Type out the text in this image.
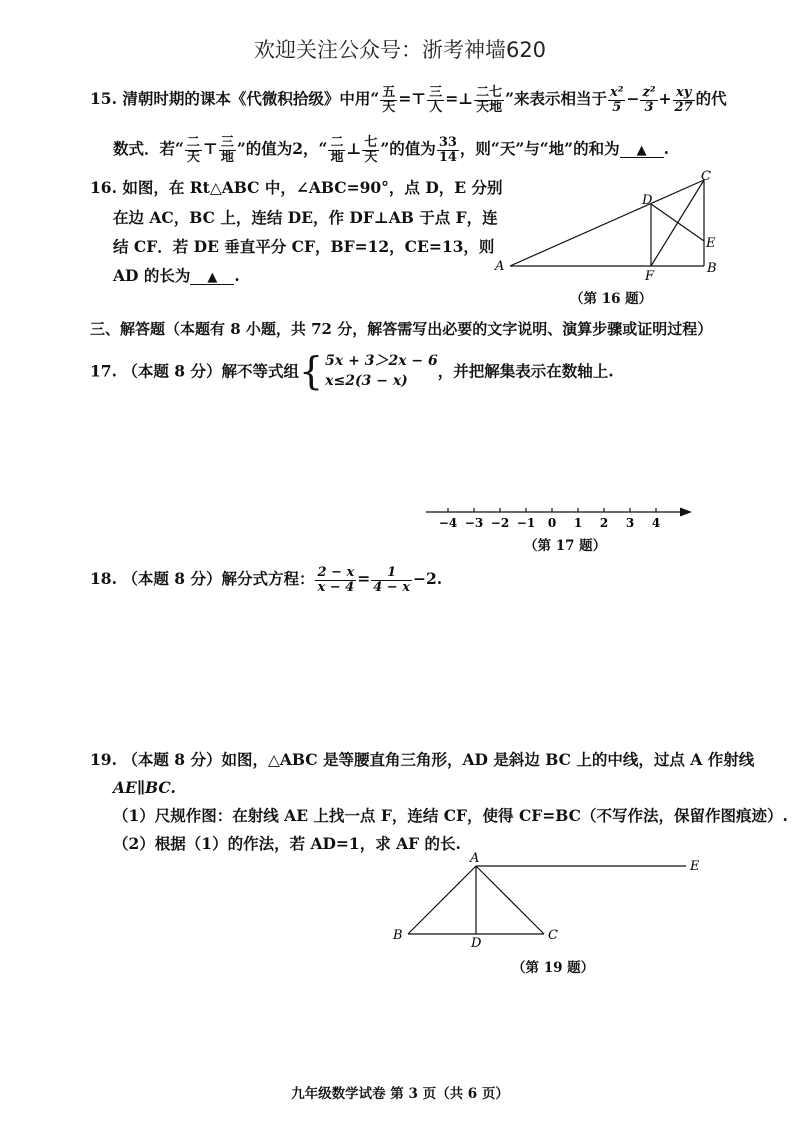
欢迎关注公众号：浙考神墙620
15. 清朝时期的课本《代微积拾级》中用“ $\frac{\text{五}}{\text{天}}$ =⊤ $\frac{\text{三}}{\text{人}}$ =⊥ $\frac{\text{二七}}{\text{天地}}$ ”来表示相当于 $\frac{\text{x²}}{5} - \frac{\text{z²}}{3} + \frac{xy}{27}$ 的代
数式．若“ $\frac{\text{二}}{\text{天}}$ ⊤ $\frac{\text{三}}{\text{地}}$ ”的值为2，“ $\frac{\text{二}}{\text{地}}$ ⊥ $\frac{\text{七}}{\text{天}}$ ”的值为 $\frac{33}{14}$ ，则“天”与“地”的和为 ▲ .
16. 如图，在 Rt△ABC 中，∠ABC=90°，点 D，E 分别
在边 AC，BC 上，连结 DE，作 DF⊥AB 于点 F，连
结 CF．若 DE 垂直平分 CF，BF=12，CE=13，则
AD 的长为 ▲ .	A	B
C
D
E
F
（第 16 题）
三、解答题（本题有 8 小题，共 72 分，解答需写出必要的文字说明、演算步骤或证明过程）
17. （本题 8 分）解不等式组{ 5x + 3＞2x − 6
x≤2(3 − x)
，并把解集表示在数轴上.
−4 −3 −2 −1 0 1 2 3 4
（第 17 题）
18. （本题 8 分）解分式方程： $\frac{2 - x}{x - 4} = \frac{1}{4 - x} -2$.
19. （本题 8 分）如图，△ABC 是等腰直角三角形，AD 是斜边 BC 上的中线，过点 A 作射线
AE∥BC.
（1）尺规作图：在射线 AE 上找一点 F，连结 CF，使得 CF=BC（不写作法，保留作图痕迹）.
（2）根据（1）的作法，若 AD=1，求 AF 的长.
A
B	C
D
E
（第 19 题）
九年级数学试卷 第 3 页（共 6 页）
